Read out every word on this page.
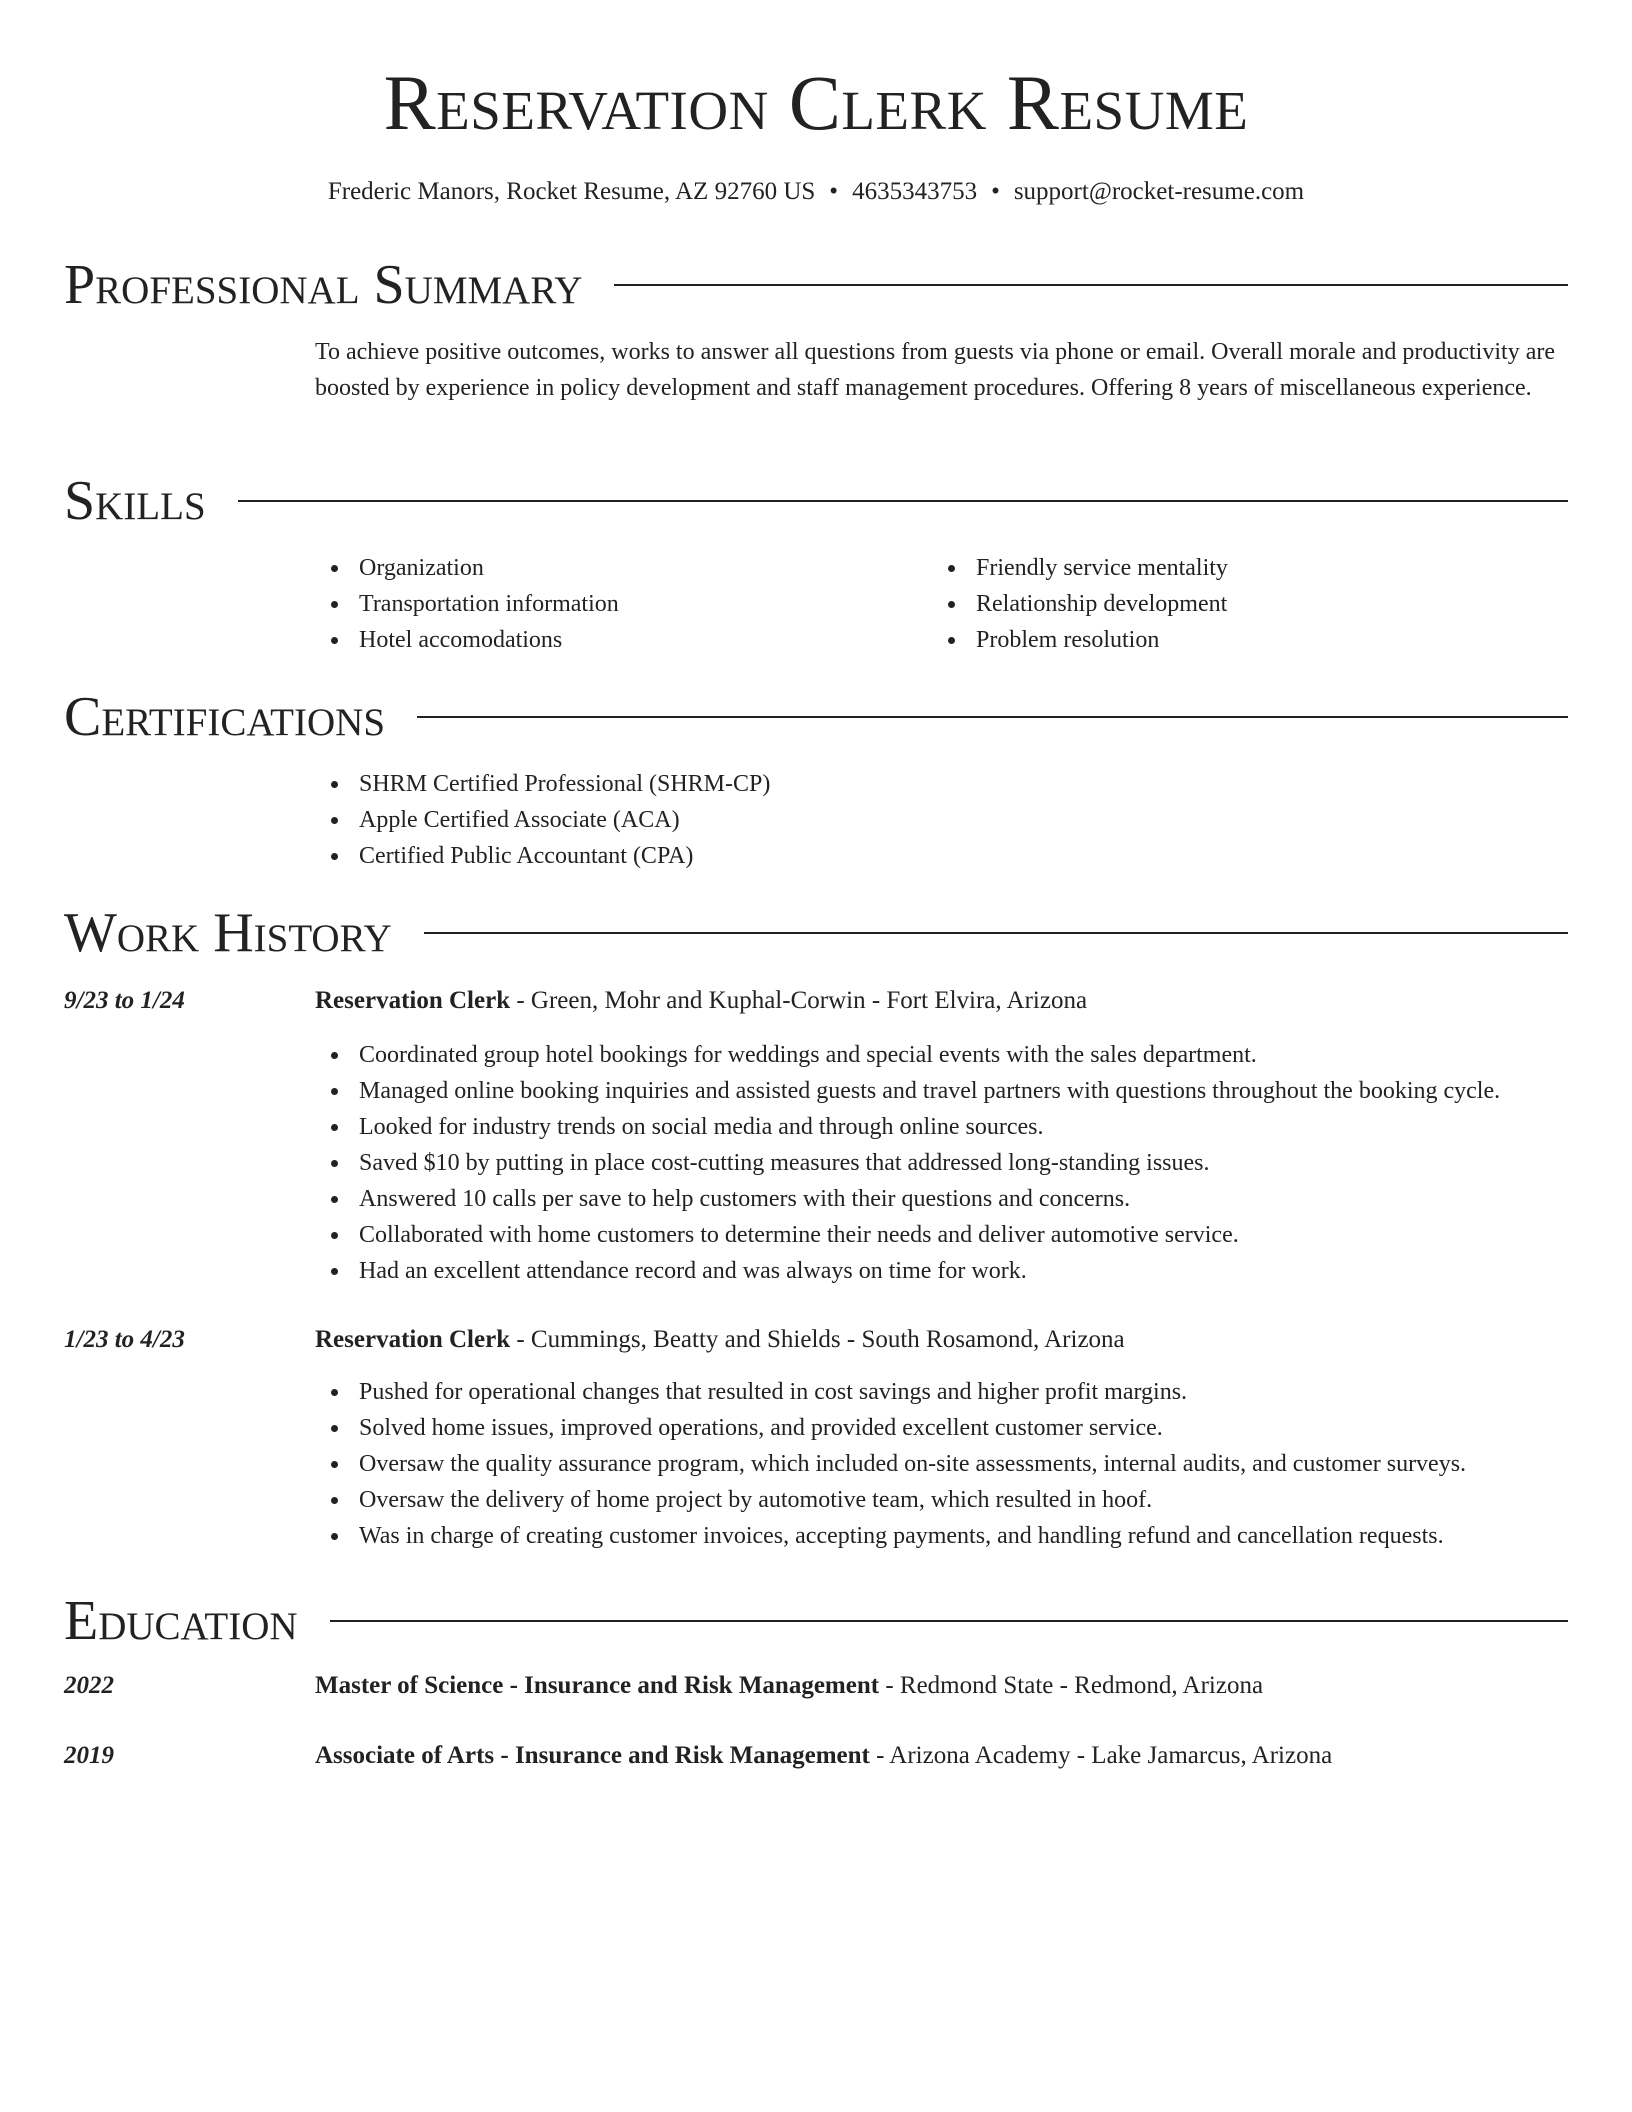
Reservation Clerk Resume
Frederic Manors, Rocket Resume, AZ 92760 US • 4635343753 • support@rocket-resume.com
Professional Summary
To achieve positive outcomes, works to answer all questions from guests via phone or email. Overall morale and productivity are boosted by experience in policy development and staff management procedures. Offering 8 years of miscellaneous experience.
Skills
Organization
Transportation information
Hotel accomodations
Friendly service mentality
Relationship development
Problem resolution
Certifications
SHRM Certified Professional (SHRM-CP)
Apple Certified Associate (ACA)
Certified Public Accountant (CPA)
Work History
9/23 to 1/24	Reservation Clerk - Green, Mohr and Kuphal-Corwin - Fort Elvira, Arizona
Coordinated group hotel bookings for weddings and special events with the sales department.
Managed online booking inquiries and assisted guests and travel partners with questions throughout the booking cycle.
Looked for industry trends on social media and through online sources.
Saved $10 by putting in place cost-cutting measures that addressed long-standing issues.
Answered 10 calls per save to help customers with their questions and concerns.
Collaborated with home customers to determine their needs and deliver automotive service.
Had an excellent attendance record and was always on time for work.
1/23 to 4/23	Reservation Clerk - Cummings, Beatty and Shields - South Rosamond, Arizona
Pushed for operational changes that resulted in cost savings and higher profit margins.
Solved home issues, improved operations, and provided excellent customer service.
Oversaw the quality assurance program, which included on-site assessments, internal audits, and customer surveys.
Oversaw the delivery of home project by automotive team, which resulted in hoof.
Was in charge of creating customer invoices, accepting payments, and handling refund and cancellation requests.
Education
2022	Master of Science - Insurance and Risk Management - Redmond State - Redmond, Arizona
2019	Associate of Arts - Insurance and Risk Management - Arizona Academy - Lake Jamarcus, Arizona
